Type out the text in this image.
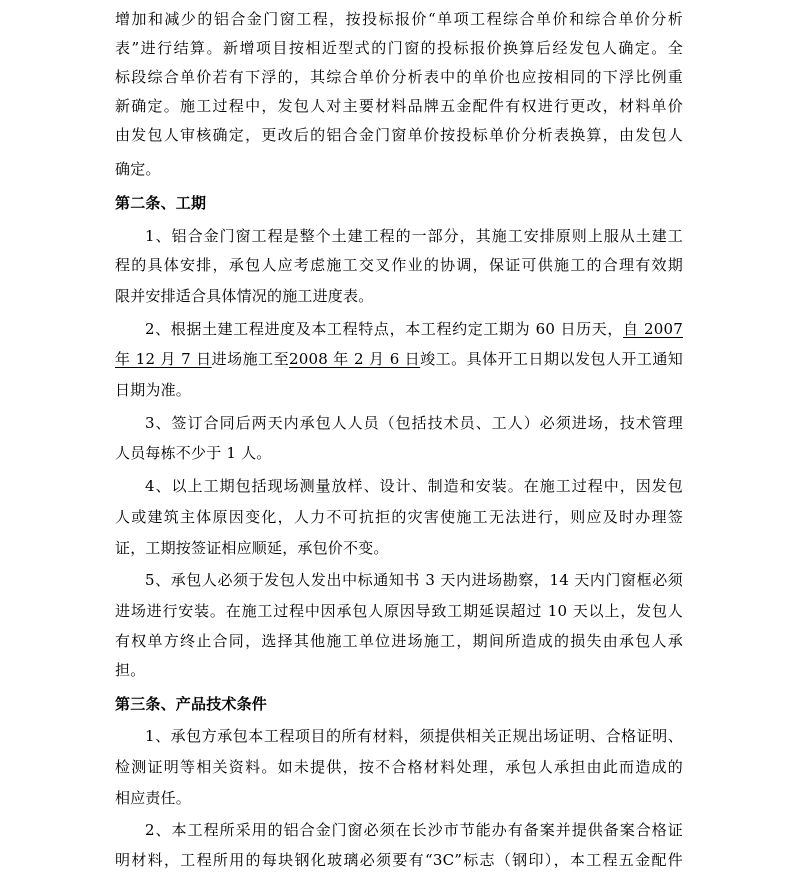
增加和减少的铝合金门窗工程，按投标报价“单项工程综合单价和综合单价分析
表”进行结算。新增项目按相近型式的门窗的投标报价换算后经发包人确定。全
标段综合单价若有下浮的，其综合单价分析表中的单价也应按相同的下浮比例重
新确定。施工过程中，发包人对主要材料品牌五金配件有权进行更改，材料单价
由发包人审核确定，更改后的铝合金门窗单价按投标单价分析表换算，由发包人
确定。
第二条、工期
1、铝合金门窗工程是整个土建工程的一部分，其施工安排原则上服从土建工
程的具体安排，承包人应考虑施工交叉作业的协调，保证可供施工的合理有效期
限并安排适合具体情况的施工进度表。
2、根据土建工程进度及本工程特点，本工程约定工期为 60 日历天，自 2007
年 12 月 7 日进场施工至2008 年 2 月 6 日竣工。具体开工日期以发包人开工通知
日期为准。
3、签订合同后两天内承包人人员（包括技术员、工人）必须进场，技术管理
人员每栋不少于 1 人。
4、以上工期包括现场测量放样、设计、制造和安装。在施工过程中，因发包
人或建筑主体原因变化，人力不可抗拒的灾害使施工无法进行，则应及时办理签
证，工期按签证相应顺延，承包价不变。
5、承包人必须于发包人发出中标通知书 3 天内进场勘察，14 天内门窗框必须
进场进行安装。在施工过程中因承包人原因导致工期延误超过 10 天以上，发包人
有权单方终止合同，选择其他施工单位进场施工，期间所造成的损失由承包人承
担。
第三条、产品技术条件
1、承包方承包本工程项目的所有材料，须提供相关正规出场证明、合格证明、
检测证明等相关资料。如未提供，按不合格材料处理，承包人承担由此而造成的
相应责任。
2、本工程所采用的铝合金门窗必须在长沙市节能办有备案并提供备案合格证
明材料，工程所用的每块钢化玻璃必须要有“3C”标志（钢印），本工程五金配件
